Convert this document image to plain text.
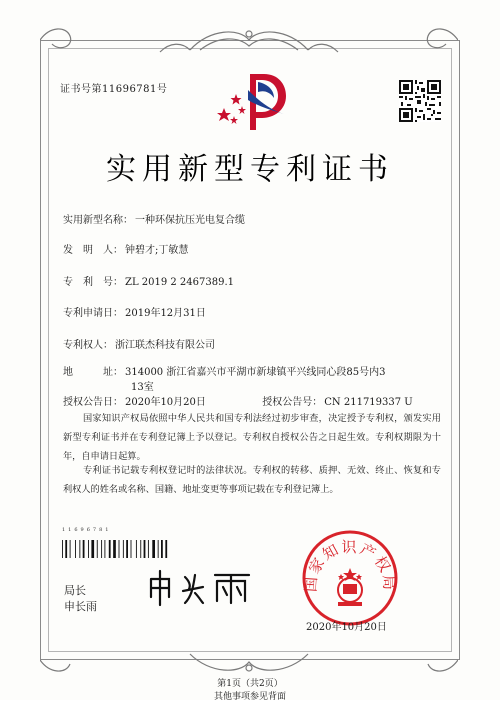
证书号第11696781号
实用新型专利证书
实用新型名称： 一种环保抗压光电复合缆
发　明　人： 钟碧才;丁敏慧
专　利　号： ZL 2019 2 2467389.1
专利申请日： 2019年12月31日
专利权人： 浙江联杰科技有限公司
地　　　址： 314000 浙江省嘉兴市平湖市新埭镇平兴线同心段85号内3
13室
授权公告日： 2020年10月20日	授权公告号： CN 211719337 U
国家知识产权局依照中华人民共和国专利法经过初步审查，决定授予专利权，颁发实用新型专利证书并在专利登记簿上予以登记。专利权自授权公告之日起生效。专利权期限为十年，自申请日起算。
专利证书记载专利权登记时的法律状况。专利权的转移、质押、无效、终止、恢复和专利权人的姓名或名称、国籍、地址变更等事项记载在专利登记簿上。
11696781
局长
申长雨
国家知识产权局
2020年10月20日
第1页（共2页）
其他事项参见背面
